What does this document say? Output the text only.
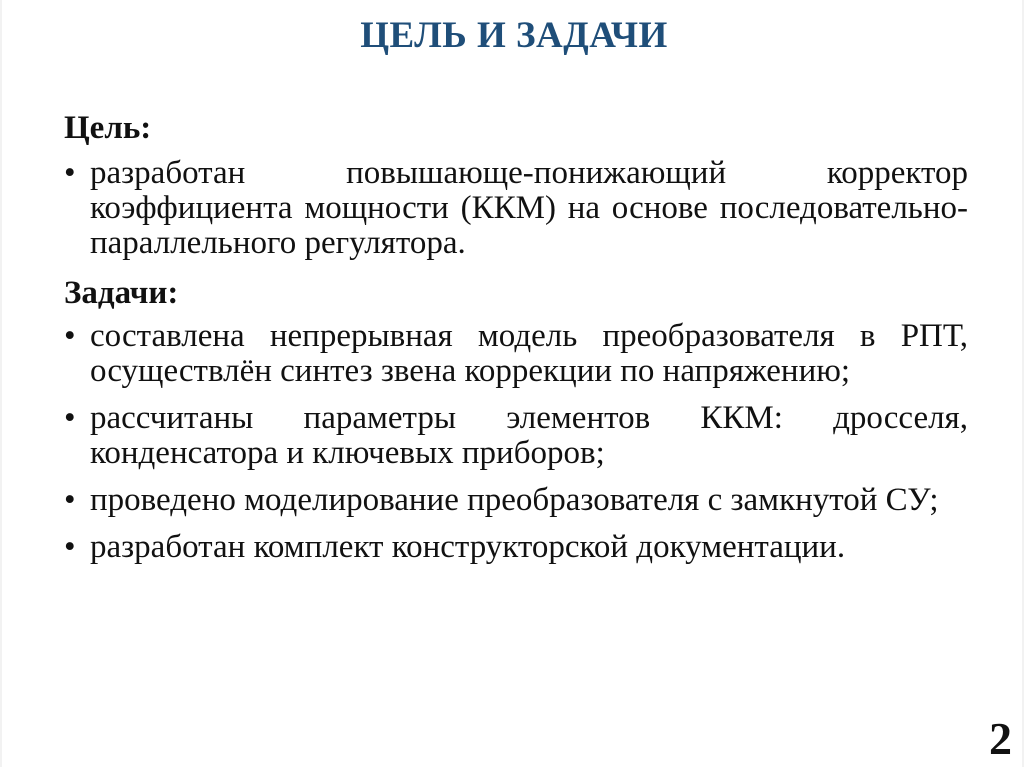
ЦЕЛЬ И ЗАДАЧИ

Цель:

• разработан повышающе-понижающий корректор коэффициента мощности (ККМ) на основе последовательно-параллельного регулятора.

Задачи:

• составлена непрерывная модель преобразователя в РПТ, осуществлён синтез звена коррекции по напряжению;
• рассчитаны параметры элементов ККМ: дросселя, конденсатора и ключевых приборов;
• проведено моделирование преобразователя с замкнутой СУ;
• разработан комплект конструкторской документации.
2
